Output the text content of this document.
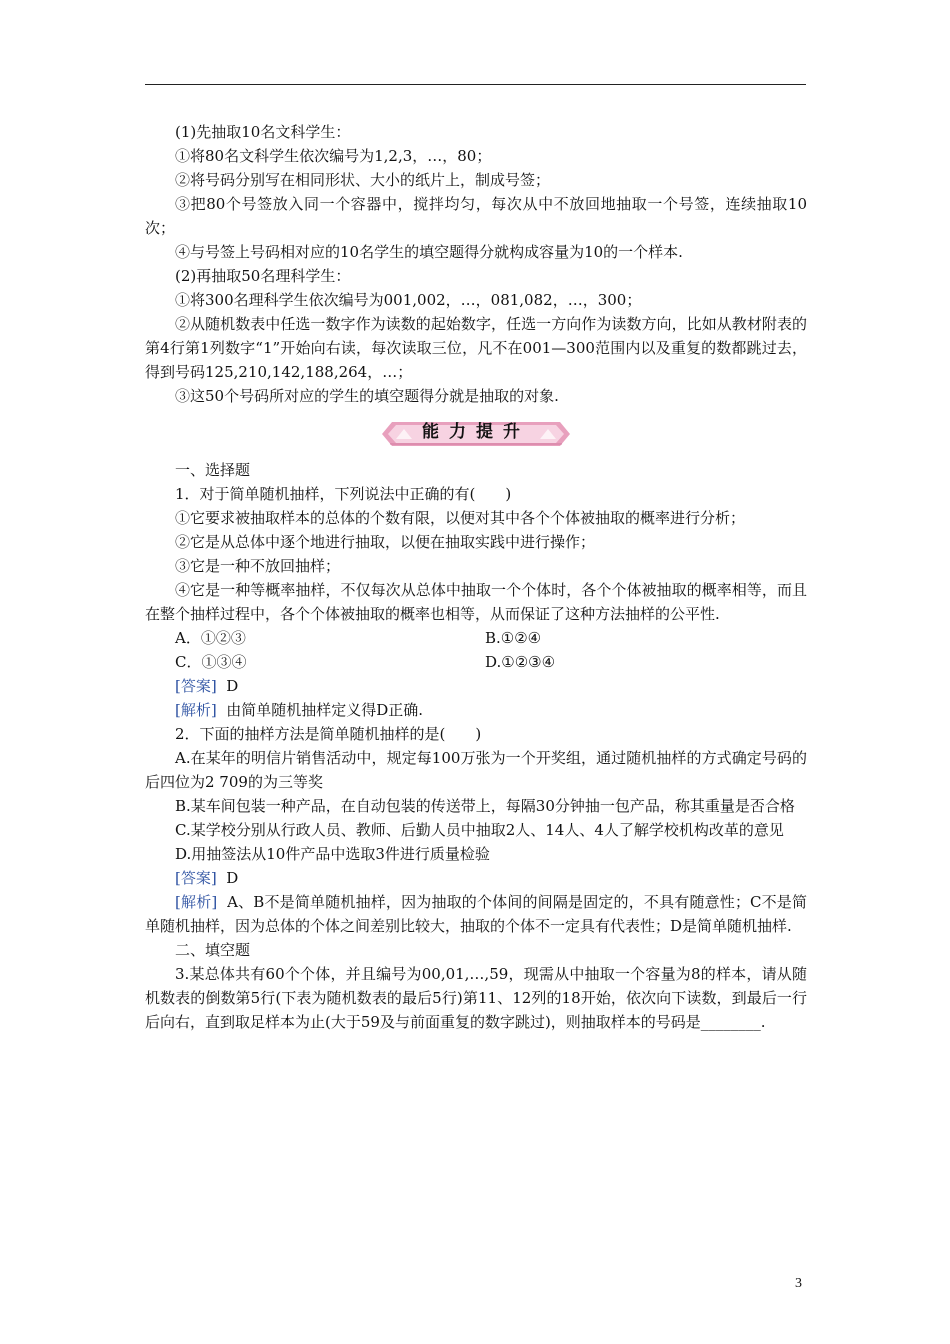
(1)先抽取10名文科学生：

①将80名文科学生依次编号为1,2,3，…，80；

②将号码分别写在相同形状、大小的纸片上，制成号签；

③把80个号签放入同一个容器中，搅拌均匀，每次从中不放回地抽取一个号签，连续抽取10次；

④与号签上号码相对应的10名学生的填空题得分就构成容量为10的一个样本.

(2)再抽取50名理科学生：

①将300名理科学生依次编号为001,002，…，081,082，…，300；

②从随机数表中任选一数字作为读数的起始数字，任选一方向作为读数方向，比如从教材附表的第4行第1列数字“1”开始向右读，每次读取三位，凡不在001—300范围内以及重复的数都跳过去，得到号码125,210,142,188,264，…；

③这50个号码所对应的学生的填空题得分就是抽取的对象.

能力提升

一、选择题

1．对于简单随机抽样，下列说法中正确的有(　　)

①它要求被抽取样本的总体的个数有限，以便对其中各个个体被抽取的概率进行分析；

②它是从总体中逐个地进行抽取，以便在抽取实践中进行操作；

③它是一种不放回抽样；

④它是一种等概率抽样，不仅每次从总体中抽取一个个体时，各个个体被抽取的概率相等，而且在整个抽样过程中，各个个体被抽取的概率也相等，从而保证了这种方法抽样的公平性.

A．①②③	B.①②④
C．①③④	D.①②③④

[答案] D

[解析] 由简单随机抽样定义得D正确.

2．下面的抽样方法是简单随机抽样的是(　　)

A.在某年的明信片销售活动中，规定每100万张为一个开奖组，通过随机抽样的方式确定号码的后四位为2 709的为三等奖

B.某车间包装一种产品，在自动包装的传送带上，每隔30分钟抽一包产品，称其重量是否合格

C.某学校分别从行政人员、教师、后勤人员中抽取2人、14人、4人了解学校机构改革的意见

D.用抽签法从10件产品中选取3件进行质量检验

[答案] D

[解析] A、B不是简单随机抽样，因为抽取的个体间的间隔是固定的，不具有随意性；C不是简单随机抽样，因为总体的个体之间差别比较大，抽取的个体不一定具有代表性；D是简单随机抽样.

二、填空题

3.某总体共有60个个体，并且编号为00,01,…,59，现需从中抽取一个容量为8的样本，请从随机数表的倒数第5行(下表为随机数表的最后5行)第11、12列的18开始，依次向下读数，到最后一行后向右，直到取足样本为止(大于59及与前面重复的数字跳过)，则抽取样本的号码是________.

3
